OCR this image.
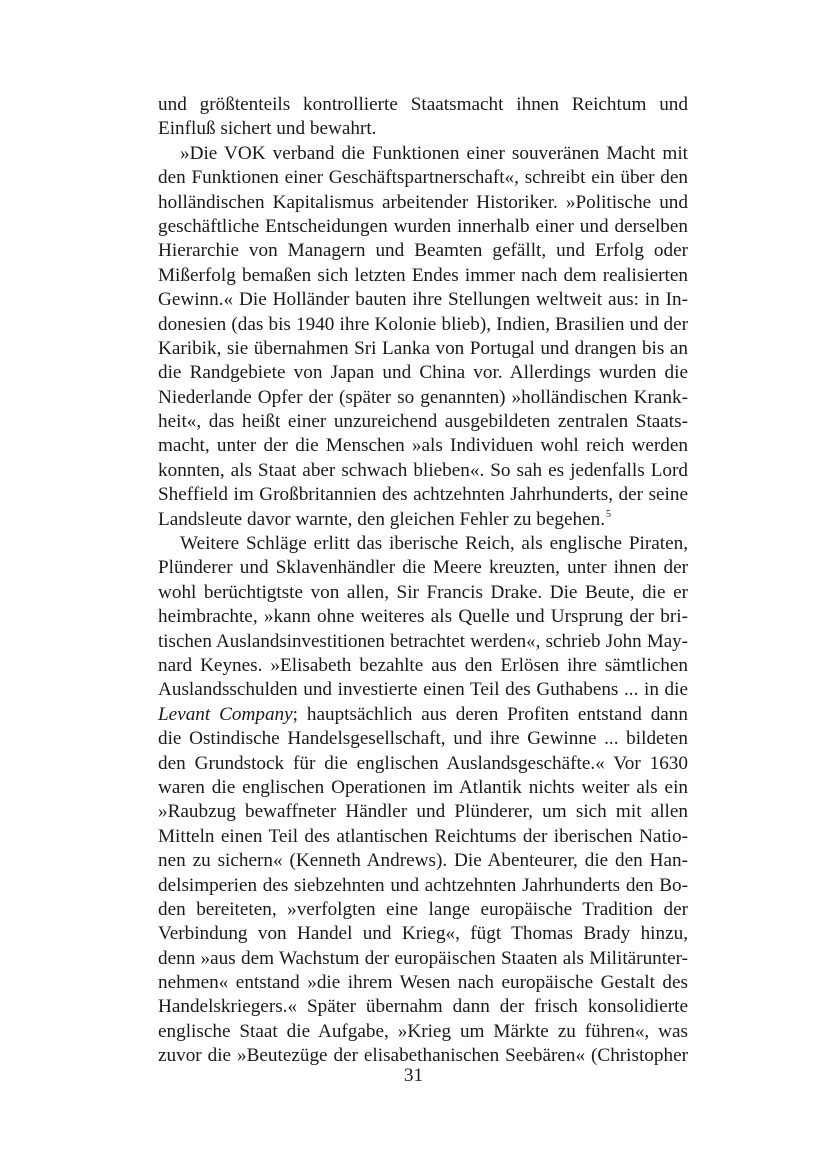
und größtenteils kontrollierte Staatsmacht ihnen Reichtum und
Einfluß sichert und bewahrt.
»Die VOK verband die Funktionen einer souveränen Macht mit
den Funktionen einer Geschäftspartnerschaft«, schreibt ein über den
holländischen Kapitalismus arbeitender Historiker. »Politische und
geschäftliche Entscheidungen wurden innerhalb einer und derselben
Hierarchie von Managern und Beamten gefällt, und Erfolg oder
Mißerfolg bemaßen sich letzten Endes immer nach dem realisierten
Gewinn.« Die Holländer bauten ihre Stellungen weltweit aus: in In-
donesien (das bis 1940 ihre Kolonie blieb), Indien, Brasilien und der
Karibik, sie übernahmen Sri Lanka von Portugal und drangen bis an
die Randgebiete von Japan und China vor. Allerdings wurden die
Niederlande Opfer der (später so genannten) »holländischen Krank-
heit«, das heißt einer unzureichend ausgebildeten zentralen Staats-
macht, unter der die Menschen »als Individuen wohl reich werden
konnten, als Staat aber schwach blieben«. So sah es jedenfalls Lord
Sheffield im Großbritannien des achtzehnten Jahrhunderts, der seine
Landsleute davor warnte, den gleichen Fehler zu begehen.$^5$
Weitere Schläge erlitt das iberische Reich, als englische Piraten,
Plünderer und Sklavenhändler die Meere kreuzten, unter ihnen der
wohl berüchtigtste von allen, Sir Francis Drake. Die Beute, die er
heimbrachte, »kann ohne weiteres als Quelle und Ursprung der bri-
tischen Auslandsinvestitionen betrachtet werden«, schrieb John May-
nard Keynes. »Elisabeth bezahlte aus den Erlösen ihre sämtlichen
Auslandsschulden und investierte einen Teil des Guthabens ... in die
Levant Company; hauptsächlich aus deren Profiten entstand dann
die Ostindische Handelsgesellschaft, und ihre Gewinne ... bildeten
den Grundstock für die englischen Auslandsgeschäfte.« Vor 1630
waren die englischen Operationen im Atlantik nichts weiter als ein
»Raubzug bewaffneter Händler und Plünderer, um sich mit allen
Mitteln einen Teil des atlantischen Reichtums der iberischen Natio-
nen zu sichern« (Kenneth Andrews). Die Abenteurer, die den Han-
delsimperien des siebzehnten und achtzehnten Jahrhunderts den Bo-
den bereiteten, »verfolgten eine lange europäische Tradition der
Verbindung von Handel und Krieg«, fügt Thomas Brady hinzu,
denn »aus dem Wachstum der europäischen Staaten als Militärunter-
nehmen« entstand »die ihrem Wesen nach europäische Gestalt des
Handelskriegers.« Später übernahm dann der frisch konsolidierte
englische Staat die Aufgabe, »Krieg um Märkte zu führen«, was
zuvor die »Beutezüge der elisabethanischen Seebären« (Christopher
31
